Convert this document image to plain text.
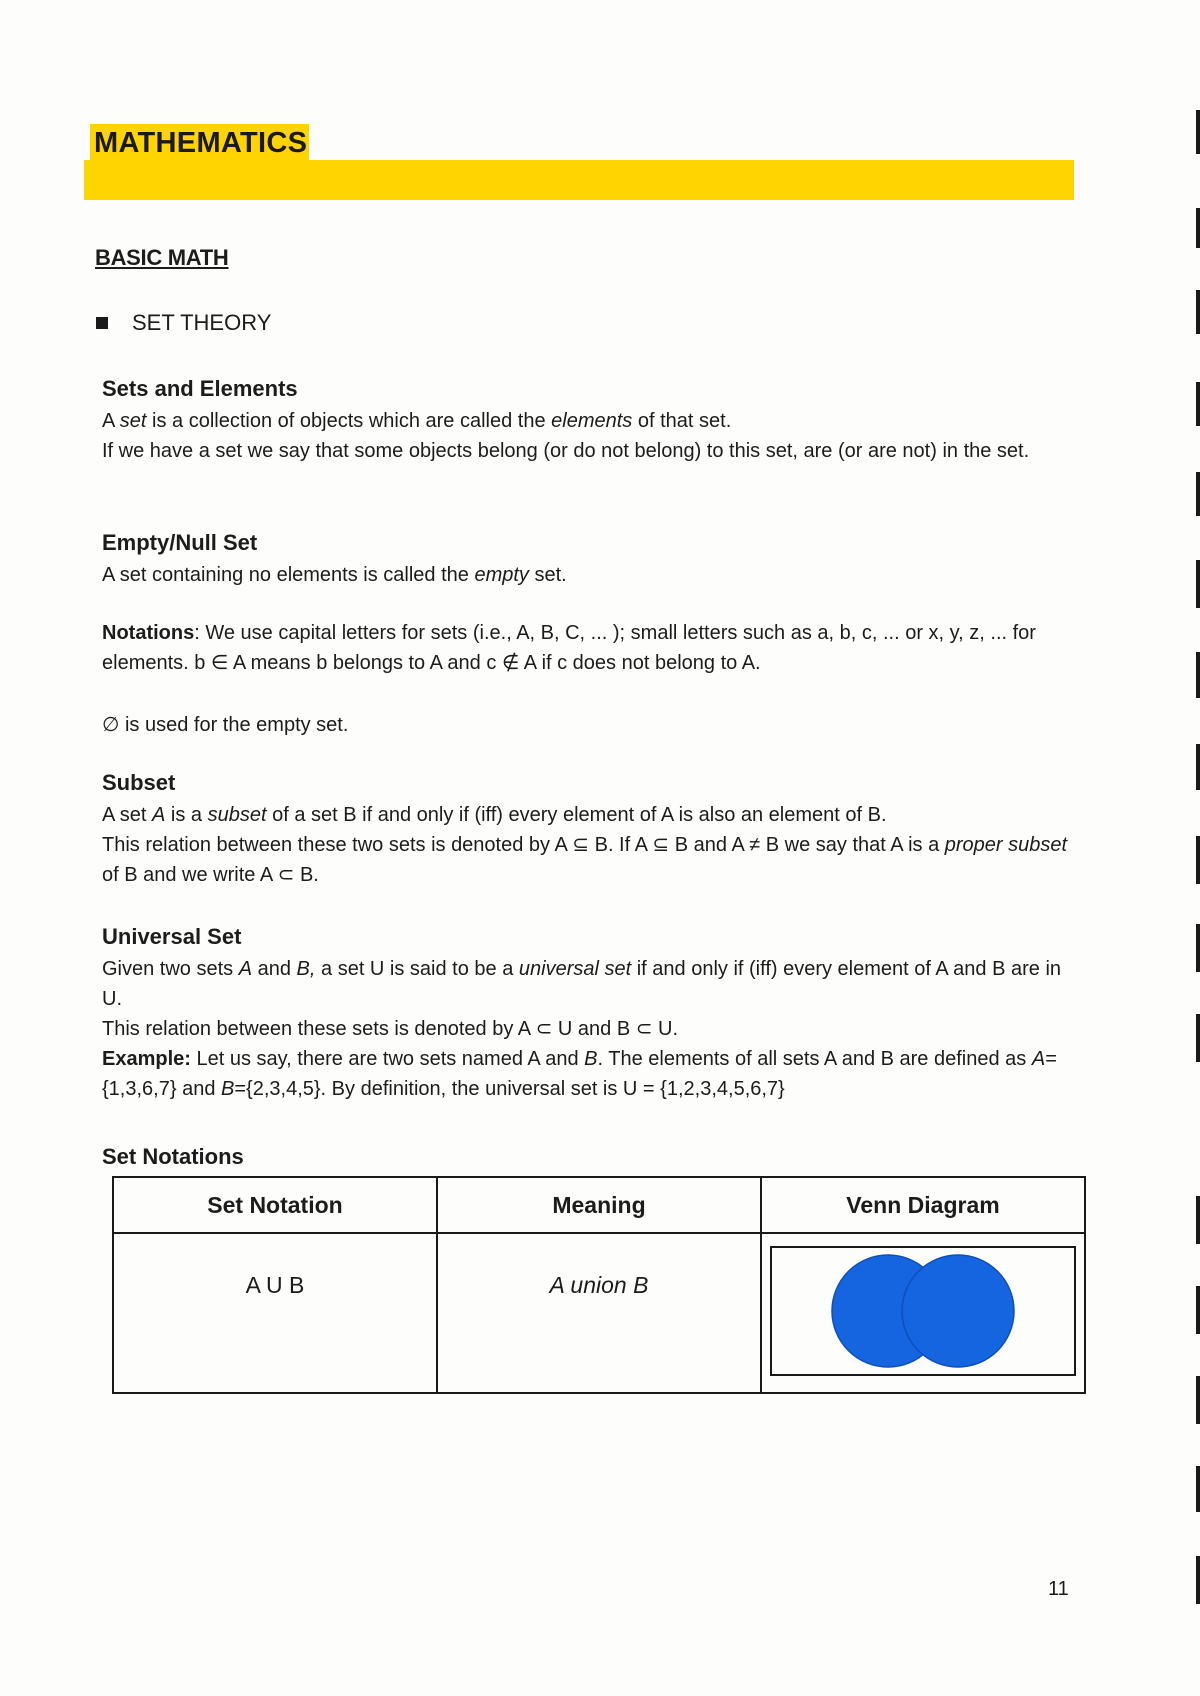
MATHEMATICS
BASIC MATH
SET THEORY
Sets and Elements

A set is a collection of objects which are called the elements of that set.

If we have a set we say that some objects belong (or do not belong) to this set, are (or are not) in the set.

Empty/Null Set

A set containing no elements is called the empty set.

Notations: We use capital letters for sets (i.e., A, B, C, ... ); small letters such as a, b, c, ... or x, y, z, ... for elements. b ∈ A means b belongs to A and c ∉ A if c does not belong to A.

∅ is used for the empty set.

Subset

A set A is a subset of a set B if and only if (iff) every element of A is also an element of B.

This relation between these two sets is denoted by A ⊆ B. If A ⊆ B and A ≠ B we say that A is a proper subset of B and we write A ⊂ B.

Universal Set

Given two sets A and B, a set U is said to be a universal set if and only if (iff) every element of A and B are in U.

This relation between these sets is denoted by A ⊂ U and B ⊂ U.

Example: Let us say, there are two sets named A and B. The elements of all sets A and B are defined as A={1,3,6,7} and B={2,3,4,5}. By definition, the universal set is U = {1,2,3,4,5,6,7}

Set Notations
Set Notation	Meaning	Venn Diagram
A U B	A union B	
11
